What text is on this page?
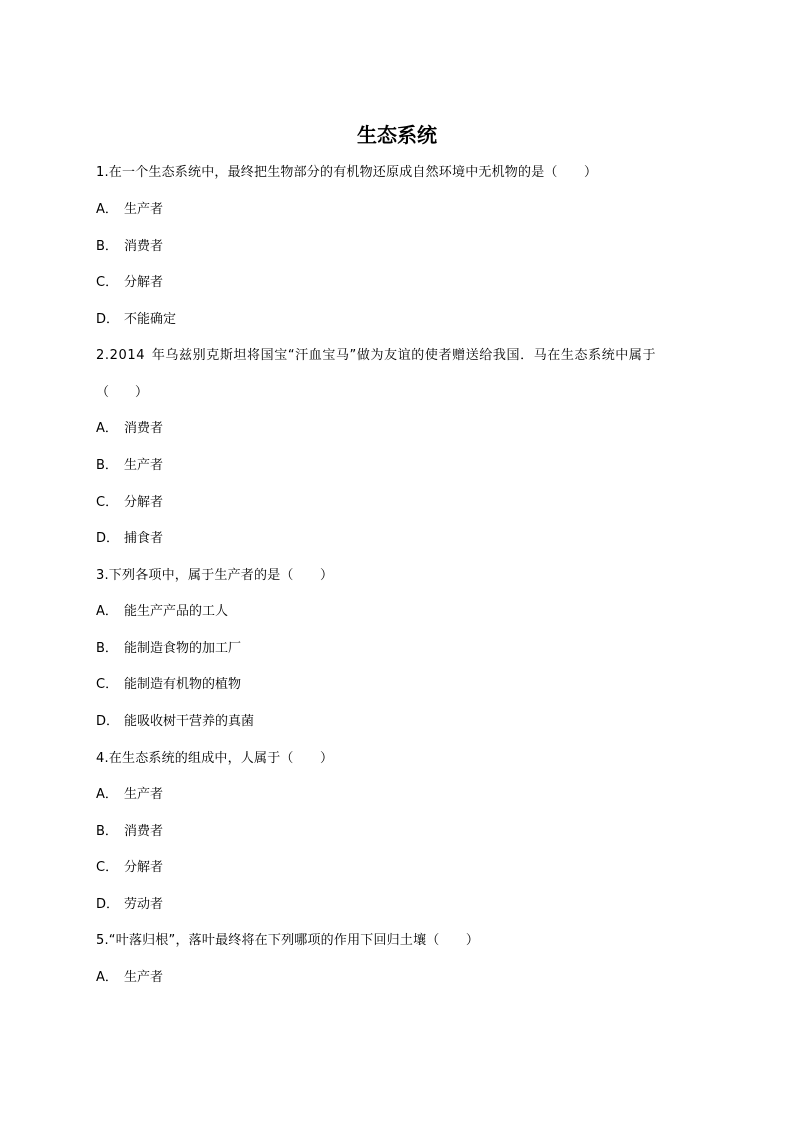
生态系统
1.在一个生态系统中，最终把生物部分的有机物还原成自然环境中无机物的是（　　）
A． 生产者
B． 消费者
C． 分解者
D． 不能确定
2.2014 年乌兹别克斯坦将国宝“汗血宝马”做为友谊的使者赠送给我国．马在生态系统中属于
（　　）
A． 消费者
B． 生产者
C． 分解者
D． 捕食者
3.下列各项中，属于生产者的是（　　）
A． 能生产产品的工人
B． 能制造食物的加工厂
C． 能制造有机物的植物
D． 能吸收树干营养的真菌
4.在生态系统的组成中，人属于（　　）
A． 生产者
B． 消费者
C． 分解者
D． 劳动者
5.“叶落归根”，落叶最终将在下列哪项的作用下回归土壤（　　）
A． 生产者
